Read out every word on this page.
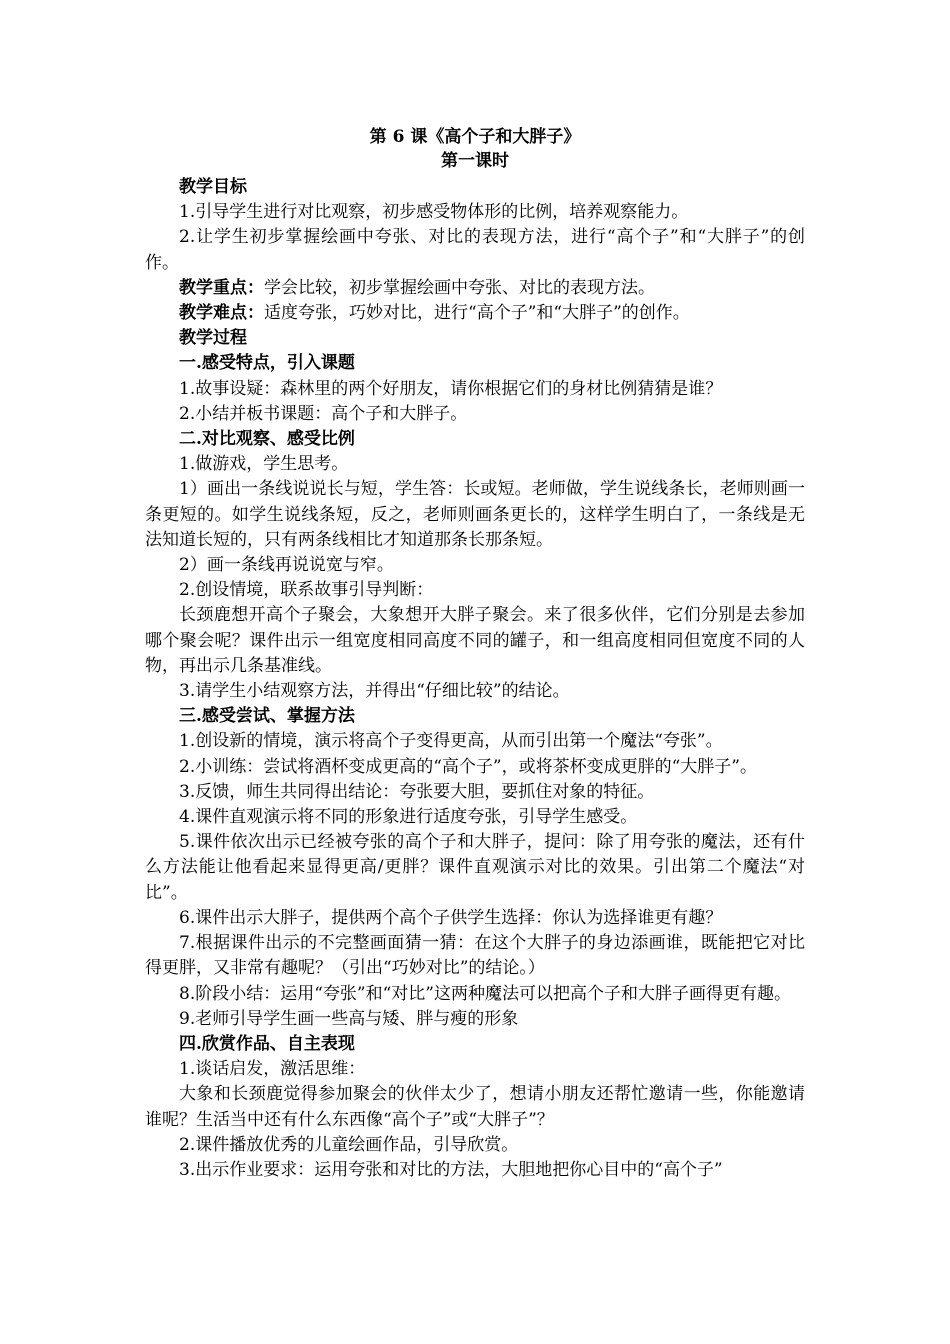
第 6 课《高个子和大胖子》
第一课时

教学目标

1.引导学生进行对比观察，初步感受物体形的比例，培养观察能力。

2.让学生初步掌握绘画中夸张、对比的表现方法，进行“高个子”和“大胖子”的创作。

教学重点：学会比较，初步掌握绘画中夸张、对比的表现方法。

教学难点：适度夸张，巧妙对比，进行“高个子”和“大胖子”的创作。

教学过程

一.感受特点，引入课题

1.故事设疑：森林里的两个好朋友，请你根据它们的身材比例猜猜是谁？

2.小结并板书课题：高个子和大胖子。

二.对比观察、感受比例

1.做游戏，学生思考。

1）画出一条线说说长与短，学生答：长或短。老师做，学生说线条长，老师则画一条更短的。如学生说线条短，反之，老师则画条更长的，这样学生明白了，一条线是无法知道长短的，只有两条线相比才知道那条长那条短。

2）画一条线再说说宽与窄。

2.创设情境，联系故事引导判断：

长颈鹿想开高个子聚会，大象想开大胖子聚会。来了很多伙伴，它们分别是去参加哪个聚会呢？课件出示一组宽度相同高度不同的罐子，和一组高度相同但宽度不同的人物，再出示几条基准线。

3.请学生小结观察方法，并得出“仔细比较”的结论。

三.感受尝试、掌握方法

1.创设新的情境，演示将高个子变得更高，从而引出第一个魔法“夸张”。

2.小训练：尝试将酒杯变成更高的“高个子”，或将茶杯变成更胖的“大胖子”。

3.反馈，师生共同得出结论：夸张要大胆，要抓住对象的特征。

4.课件直观演示将不同的形象进行适度夸张，引导学生感受。

5.课件依次出示已经被夸张的高个子和大胖子，提问：除了用夸张的魔法，还有什么方法能让他看起来显得更高/更胖？课件直观演示对比的效果。引出第二个魔法“对比”。

6.课件出示大胖子，提供两个高个子供学生选择：你认为选择谁更有趣？

7.根据课件出示的不完整画面猜一猜：在这个大胖子的身边添画谁，既能把它对比得更胖，又非常有趣呢？（引出“巧妙对比”的结论。）

8.阶段小结：运用“夸张”和“对比”这两种魔法可以把高个子和大胖子画得更有趣。

9.老师引导学生画一些高与矮、胖与瘦的形象

四.欣赏作品、自主表现

1.谈话启发，激活思维：

大象和长颈鹿觉得参加聚会的伙伴太少了，想请小朋友还帮忙邀请一些，你能邀请谁呢？生活当中还有什么东西像“高个子”或“大胖子”？

2.课件播放优秀的儿童绘画作品，引导欣赏。

3.出示作业要求：运用夸张和对比的方法，大胆地把你心目中的“高个子”
